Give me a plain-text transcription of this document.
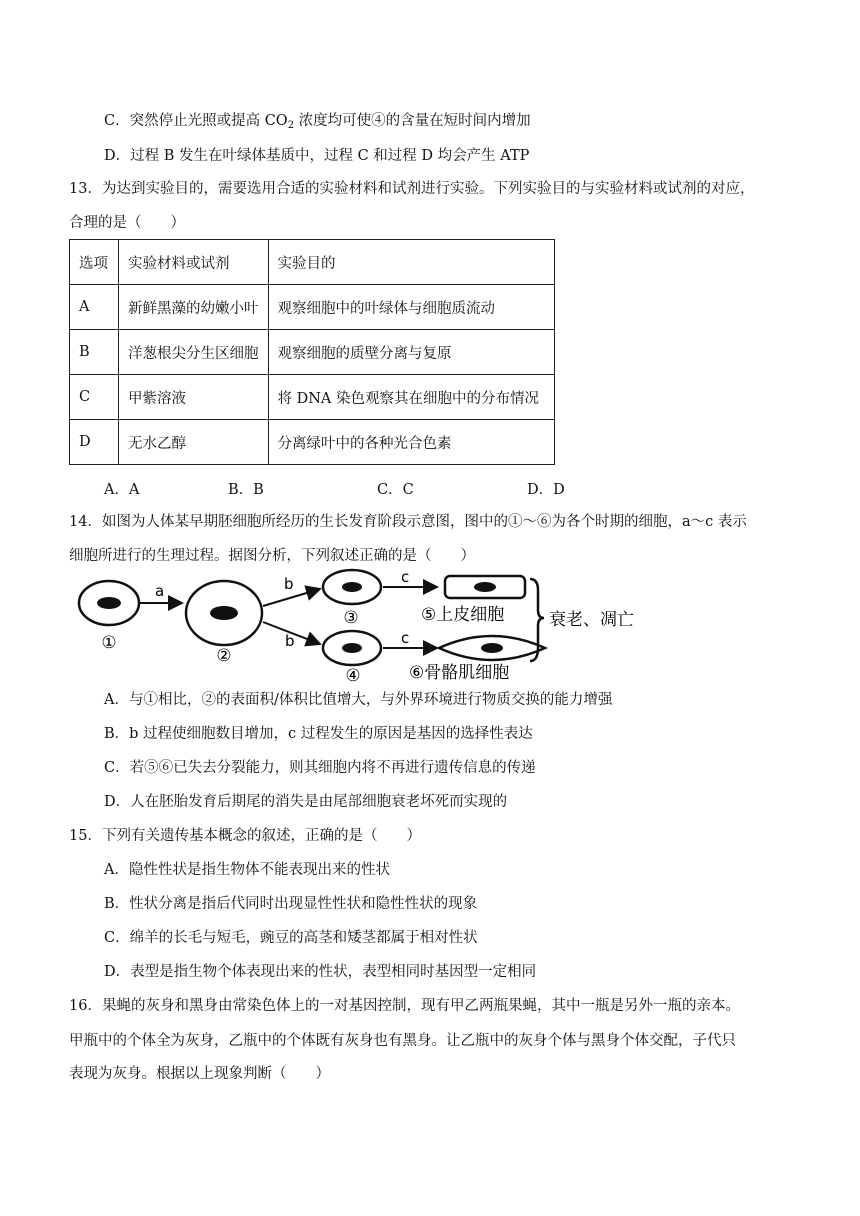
C．突然停止光照或提高 $CO_2$ 浓度均可使④的含量在短时间内增加
D．过程 B 发生在叶绿体基质中，过程 C 和过程 D 均会产生 ATP
13．为达到实验目的，需要选用合适的实验材料和试剂进行实验。下列实验目的与实验材料或试剂的对应，
合理的是（　　）
选项	实验材料或试剂	实验目的
A	新鲜黑藻的幼嫩小叶	观察细胞中的叶绿体与细胞质流动
B	洋葱根尖分生区细胞	观察细胞的质壁分离与复原
C	甲紫溶液	将 DNA 染色观察其在细胞中的分布情况
D	无水乙醇	分离绿叶中的各种光合色素
A．A	B．B	C．C	D．D
14．如图为人体某早期胚细胞所经历的生长发育阶段示意图，图中的①～⑥为各个时期的细胞，a～c 表示
细胞所进行的生理过程。据图分析，下列叙述正确的是（　　）
①
a
②
b
b
③
④
c
c
⑤上皮细胞
⑥骨骼肌细胞
衰老、凋亡
A．与①相比，②的表面积/体积比值增大，与外界环境进行物质交换的能力增强
B．b 过程使细胞数目增加，c 过程发生的原因是基因的选择性表达
C．若⑤⑥已失去分裂能力，则其细胞内将不再进行遗传信息的传递
D．人在胚胎发育后期尾的消失是由尾部细胞衰老坏死而实现的
15．下列有关遗传基本概念的叙述，正确的是（　　）
A．隐性性状是指生物体不能表现出来的性状
B．性状分离是指后代同时出现显性性状和隐性性状的现象
C．绵羊的长毛与短毛，豌豆的高茎和矮茎都属于相对性状
D．表型是指生物个体表现出来的性状，表型相同时基因型一定相同
16．果蝇的灰身和黑身由常染色体上的一对基因控制，现有甲乙两瓶果蝇，其中一瓶是另外一瓶的亲本。
甲瓶中的个体全为灰身，乙瓶中的个体既有灰身也有黑身。让乙瓶中的灰身个体与黑身个体交配，子代只
表现为灰身。根据以上现象判断（　　）
